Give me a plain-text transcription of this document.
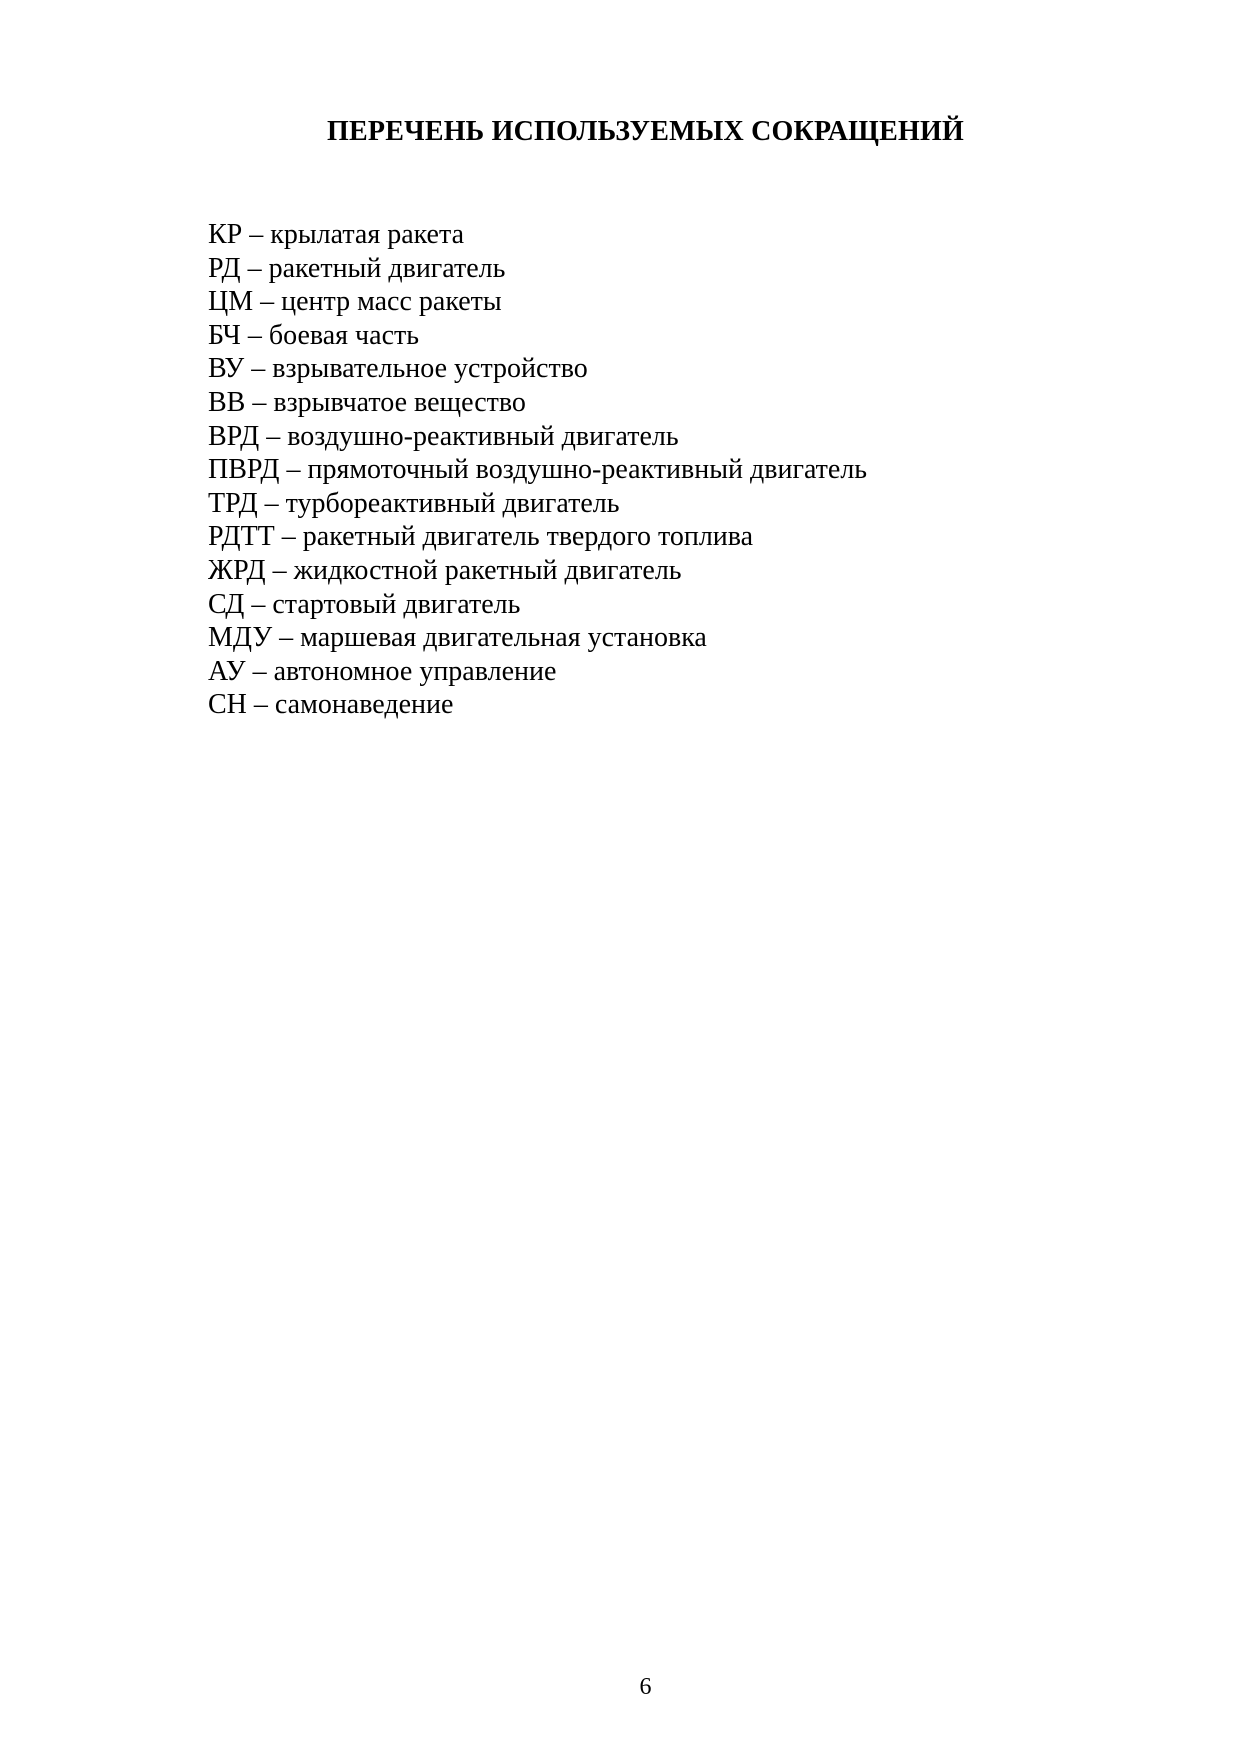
ПЕРЕЧЕНЬ ИСПОЛЬЗУЕМЫХ СОКРАЩЕНИЙ
КР – крылатая ракета
РД – ракетный двигатель
ЦМ – центр масс ракеты
БЧ – боевая часть
ВУ – взрывательное устройство
ВВ – взрывчатое вещество
ВРД – воздушно-реактивный двигатель
ПВРД – прямоточный воздушно-реактивный двигатель
ТРД – турбореактивный двигатель
РДТТ – ракетный двигатель твердого топлива
ЖРД – жидкостной ракетный двигатель
СД – стартовый двигатель
МДУ – маршевая двигательная установка
АУ – автономное управление
СН – самонаведение
6
